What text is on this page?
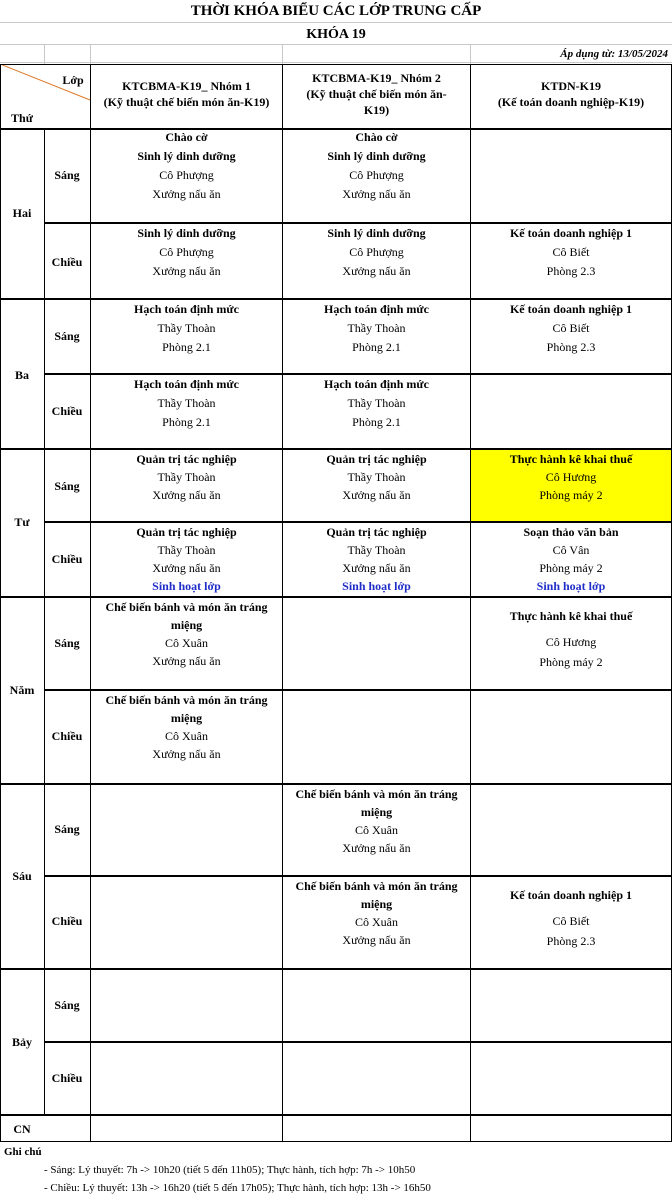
THỜI KHÓA BIỂU CÁC LỚP TRUNG CẤP
KHÓA 19
Áp dụng từ: 13/05/2024
Lớp
Thứ
KTCBMA-K19_ Nhóm 1
(Kỹ thuật chế biến món ăn-K19)
KTCBMA-K19_ Nhóm 2
(Kỹ thuật chế biến món ăn-
K19)
KTDN-K19
(Kế toán doanh nghiệp-K19)
Hai
Ba
Tư
Năm
Sáu
Bảy
CN
Sáng
Chiều
Sáng
Chiều
Sáng
Chiều
Sáng
Chiều
Sáng
Chiều
Sáng
Chiều
Chào cờ
Sinh lý dinh dưỡng
Cô Phượng
Xưởng nấu ăn
Chào cờ
Sinh lý dinh dưỡng
Cô Phượng
Xưởng nấu ăn
Sinh lý dinh dưỡng
Cô Phượng
Xưởng nấu ăn
Sinh lý dinh dưỡng
Cô Phượng
Xưởng nấu ăn
Kế toán doanh nghiệp 1
Cô Biết
Phòng 2.3
Hạch toán định mức
Thầy Thoàn
Phòng 2.1
Hạch toán định mức
Thầy Thoàn
Phòng 2.1
Kế toán doanh nghiệp 1
Cô Biết
Phòng 2.3
Hạch toán định mức
Thầy Thoàn
Phòng 2.1
Hạch toán định mức
Thầy Thoàn
Phòng 2.1
Quản trị tác nghiệp
Thầy Thoàn
Xưởng nấu ăn
Quản trị tác nghiệp
Thầy Thoàn
Xưởng nấu ăn
Thực hành kê khai thuế
Cô Hương
Phòng máy 2
Quản trị tác nghiệp
Thầy Thoàn
Xưởng nấu ăn
Sinh hoạt lớp
Quản trị tác nghiệp
Thầy Thoàn
Xưởng nấu ăn
Sinh hoạt lớp
Soạn thảo văn bản
Cô Vân
Phòng máy 2
Sinh hoạt lớp
Chế biến bánh và món ăn tráng
miệng
Cô Xuân
Xưởng nấu ăn
Thực hành kê khai thuế
Cô Hương
Phòng máy 2
Chế biến bánh và món ăn tráng
miệng
Cô Xuân
Xưởng nấu ăn
Chế biến bánh và món ăn tráng
miệng
Cô Xuân
Xưởng nấu ăn
Chế biến bánh và món ăn tráng
miệng
Cô Xuân
Xưởng nấu ăn
Kế toán doanh nghiệp 1
Cô Biết
Phòng 2.3
Ghi chú
- Sáng: Lý thuyết: 7h -> 10h20 (tiết 5 đến 11h05); Thực hành, tích hợp: 7h -> 10h50
- Chiều: Lý thuyết: 13h -> 16h20 (tiết 5 đến 17h05); Thực hành, tích hợp: 13h -> 16h50
